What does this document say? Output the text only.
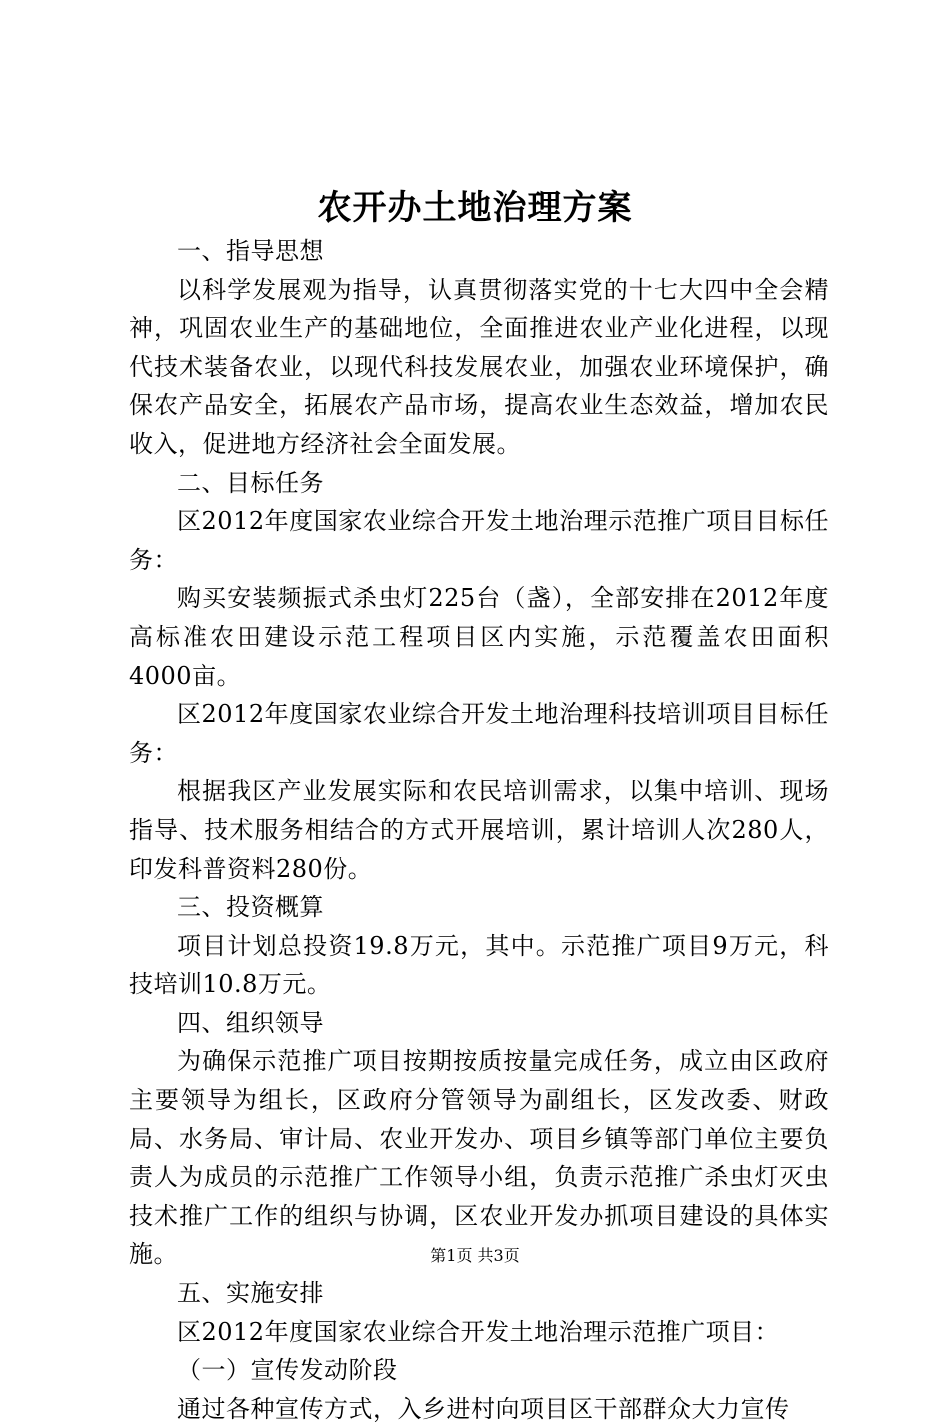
农开办土地治理方案

一、指导思想

以科学发展观为指导，认真贯彻落实党的十七大四中全会精神，巩固农业生产的基础地位，全面推进农业产业化进程，以现代技术装备农业，以现代科技发展农业，加强农业环境保护，确保农产品安全，拓展农产品市场，提高农业生态效益，增加农民收入，促进地方经济社会全面发展。

二、目标任务

区2012年度国家农业综合开发土地治理示范推广项目目标任务：

购买安装频振式杀虫灯225台（盏），全部安排在2012年度高标准农田建设示范工程项目区内实施，示范覆盖农田面积4000亩。

区2012年度国家农业综合开发土地治理科技培训项目目标任务：

根据我区产业发展实际和农民培训需求，以集中培训、现场指导、技术服务相结合的方式开展培训，累计培训人次280人，印发科普资料280份。

三、投资概算

项目计划总投资19.8万元，其中。示范推广项目9万元，科技培训10.8万元。

四、组织领导

为确保示范推广项目按期按质按量完成任务，成立由区政府主要领导为组长，区政府分管领导为副组长，区发改委、财政局、水务局、审计局、农业开发办、项目乡镇等部门单位主要负责人为成员的示范推广工作领导小组，负责示范推广杀虫灯灭虫技术推广工作的组织与协调，区农业开发办抓项目建设的具体实施。

五、实施安排

区2012年度国家农业综合开发土地治理示范推广项目：

（一）宣传发动阶段

通过各种宣传方式，入乡进村向项目区干部群众大力宣传

第1页 共3页
